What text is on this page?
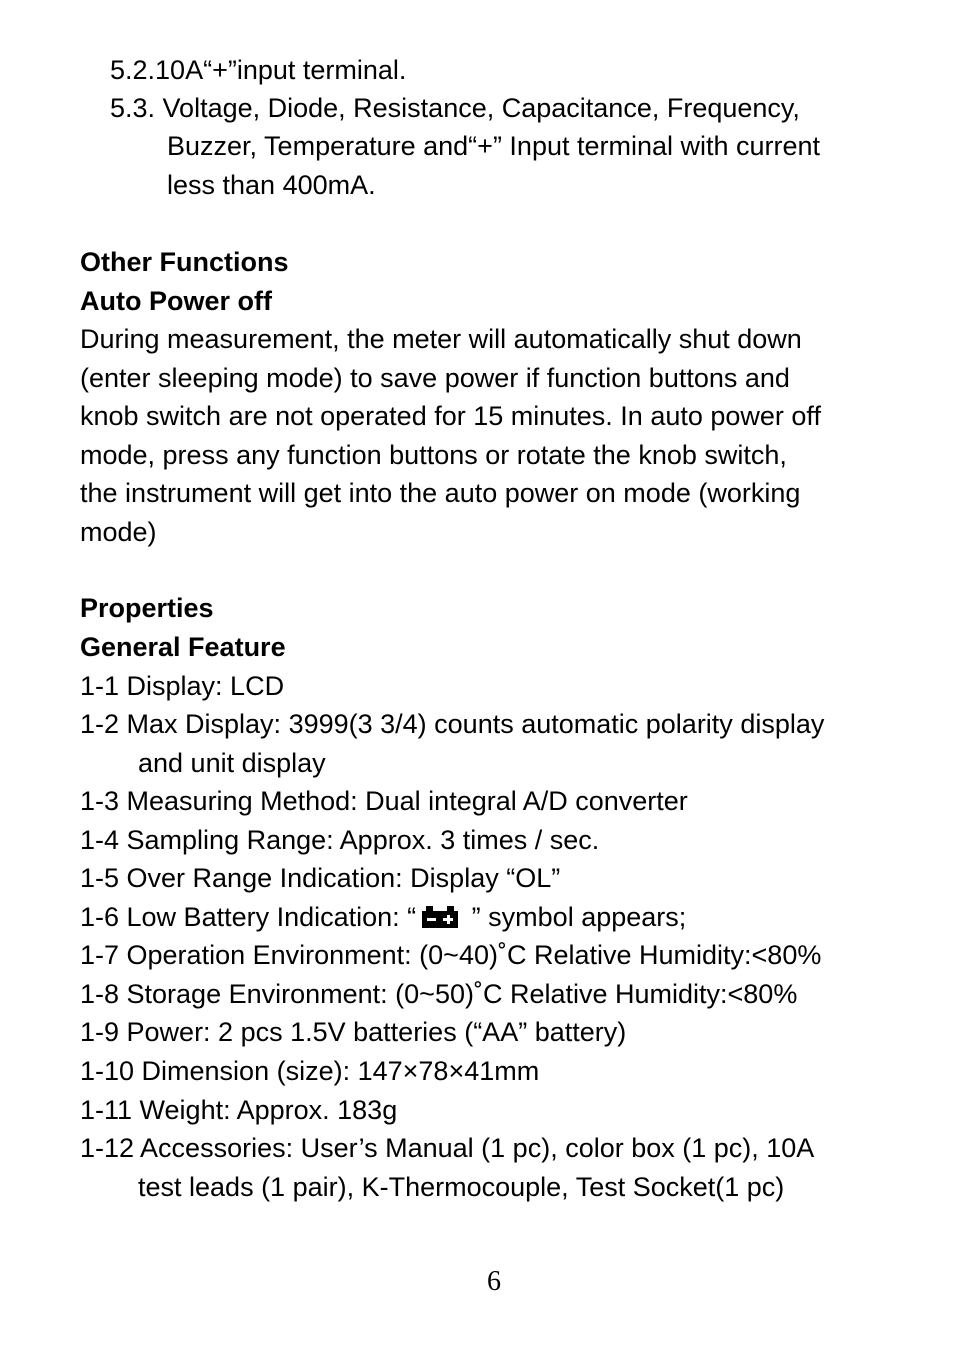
5.2.10A“+”input terminal.
5.3. Voltage, Diode, Resistance, Capacitance, Frequency,
Buzzer, Temperature and“+” Input terminal with current
less than 400mA.
Other Functions
Auto Power off
During measurement, the meter will automatically shut down
(enter sleeping mode) to save power if function buttons and
knob switch are not operated for 15 minutes. In auto power off
mode, press any function buttons or rotate the knob switch,
the instrument will get into the auto power on mode (working
mode)
Properties
General Feature
1-1 Display: LCD
1-2 Max Display: 3999(3 3/4) counts automatic polarity display
and unit display
1-3 Measuring Method: Dual integral A/D converter
1-4 Sampling Range: Approx. 3 times / sec.
1-5 Over Range Indication: Display “OL”
1-6 Low Battery Indication: “
” symbol appears;
1-7 Operation Environment: (0~40)˚C Relative Humidity:<80%
1-8 Storage Environment: (0~50)˚C Relative Humidity:<80%
1-9 Power: 2 pcs 1.5V batteries (“AA” battery)
1-10 Dimension (size): 147×78×41mm
1-11 Weight: Approx. 183g
1-12 Accessories: User’s Manual (1 pc), color box (1 pc), 10A
test leads (1 pair), K-Thermocouple, Test Socket(1 pc)
6
